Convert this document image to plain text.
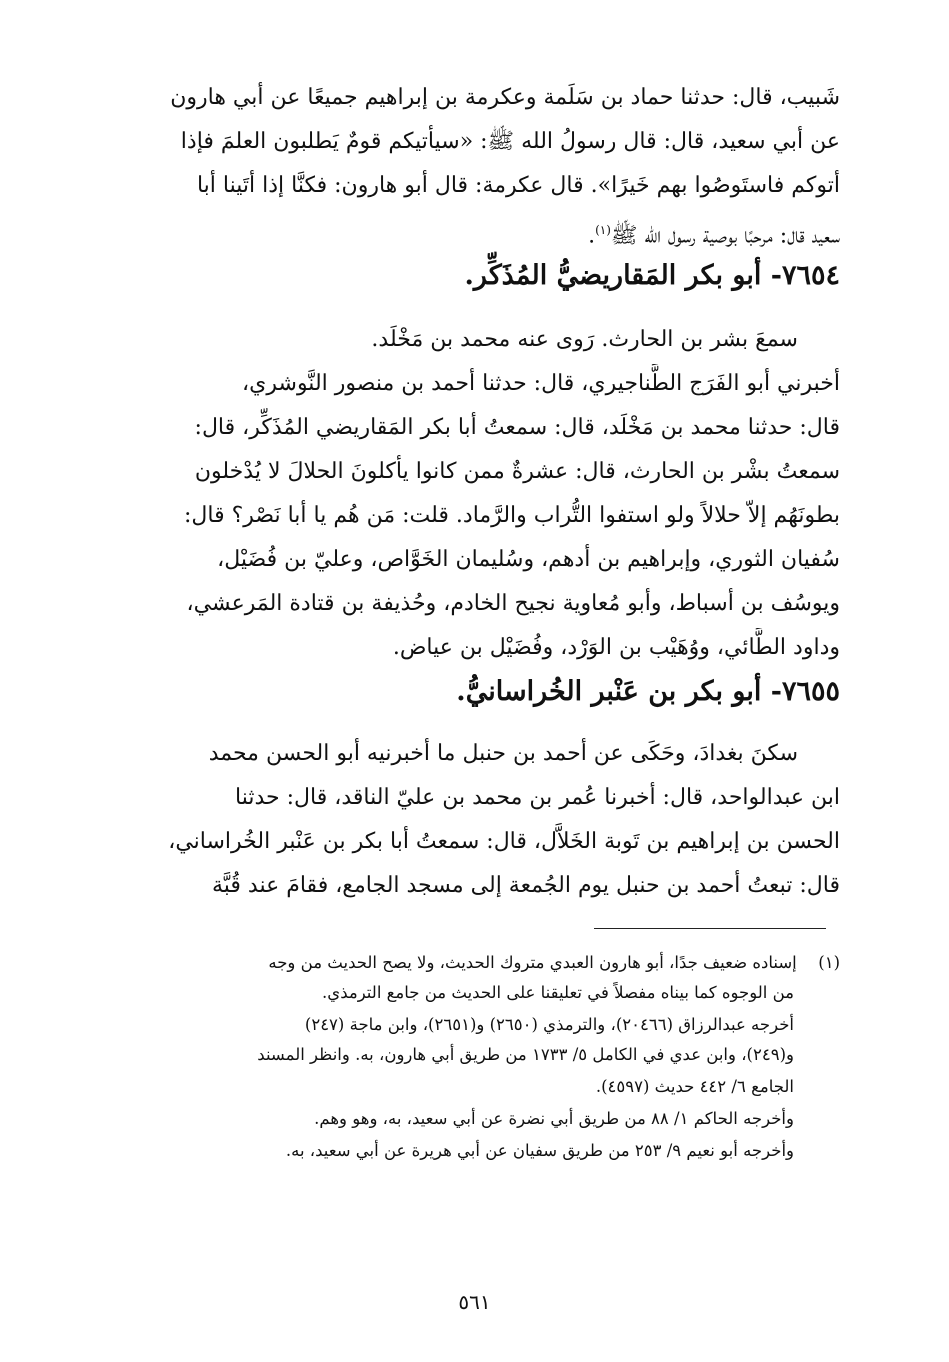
شَبيب، قال: حدثنا حماد بن سَلَمة وعكرمة بن إبراهيم جميعًا عن أبي هارون
عن أبي سعيد، قال: قال رسولُ الله ﷺ: «سيأتيكم قومٌ يَطلبون العلمَ فإذا
أتوكم فاستَوصُوا بهم خَيرًا». قال عكرمة: قال أبو هارون: فكنَّا إذا أتَينا أبا
سعيد قال: مرحبًا بوصية رسول الله ﷺ$^{(١)}$.
٧٦٥٤- أبو بكر المَقاريضيُّ المُذَكِّر.
سمعَ بشر بن الحارث. رَوى عنه محمد بن مَخْلَد.
أخبرني أبو الفَرَج الطَّناجيري، قال: حدثنا أحمد بن منصور النَّوشري،
قال: حدثنا محمد بن مَخْلَد، قال: سمعتُ أبا بكر المَقاريضي المُذَكِّر، قال:
سمعتُ بشْر بن الحارث، قال: عشرةٌ ممن كانوا يأكلونَ الحلالَ لا يُدْخلون
بطونَهُم إلاّ حلالاً ولو استفوا التُّراب والرَّماد. قلت: مَن هُم يا أبا نَصْر؟ قال:
سُفيان الثوري، وإبراهيم بن أدهم، وسُليمان الخَوَّاص، وعليّ بن فُضَيْل،
ويوسُف بن أسباط، وأبو مُعاوية نجيح الخادم، وحُذيفة بن قتادة المَرعشي،
وداود الطَّائي، ووُهَيْب بن الوَرْد، وفُضَيْل بن عياض.
٧٦٥٥- أبو بكر بن عَنْبر الخُراسانيُّ.
سكنَ بغدادَ، وحَكَى عن أحمد بن حنبل ما أخبرنيه أبو الحسن محمد
ابن عبدالواحد، قال: أخبرنا عُمر بن محمد بن عليّ الناقد، قال: حدثنا
الحسن بن إبراهيم بن تَوبة الخَلاَّل، قال: سمعتُ أبا بكر بن عَنْبر الخُراساني،
قال: تبعتُ أحمد بن حنبل يوم الجُمعة إلى مسجد الجامع، فقامَ عند قُبَّة
(١) إسناده ضعيف جدًا، أبو هارون العبدي متروك الحديث، ولا يصح الحديث من وجه
من الوجوه كما بيناه مفصلاً في تعليقنا على الحديث من جامع الترمذي.
أخرجه عبدالرزاق (٢٠٤٦٦)، والترمذي (٢٦٥٠) و(٢٦٥١)، وابن ماجة (٢٤٧)
و(٢٤٩)، وابن عدي في الكامل ٥/ ١٧٣٣ من طريق أبي هارون، به. وانظر المسند
الجامع ٦/ ٤٤٢ حديث (٤٥٩٧).
وأخرجه الحاكم ١/ ٨٨ من طريق أبي نضرة عن أبي سعيد، به، وهو وهم.
وأخرجه أبو نعيم ٩/ ٢٥٣ من طريق سفيان عن أبي هريرة عن أبي سعيد، به.
٥٦١
